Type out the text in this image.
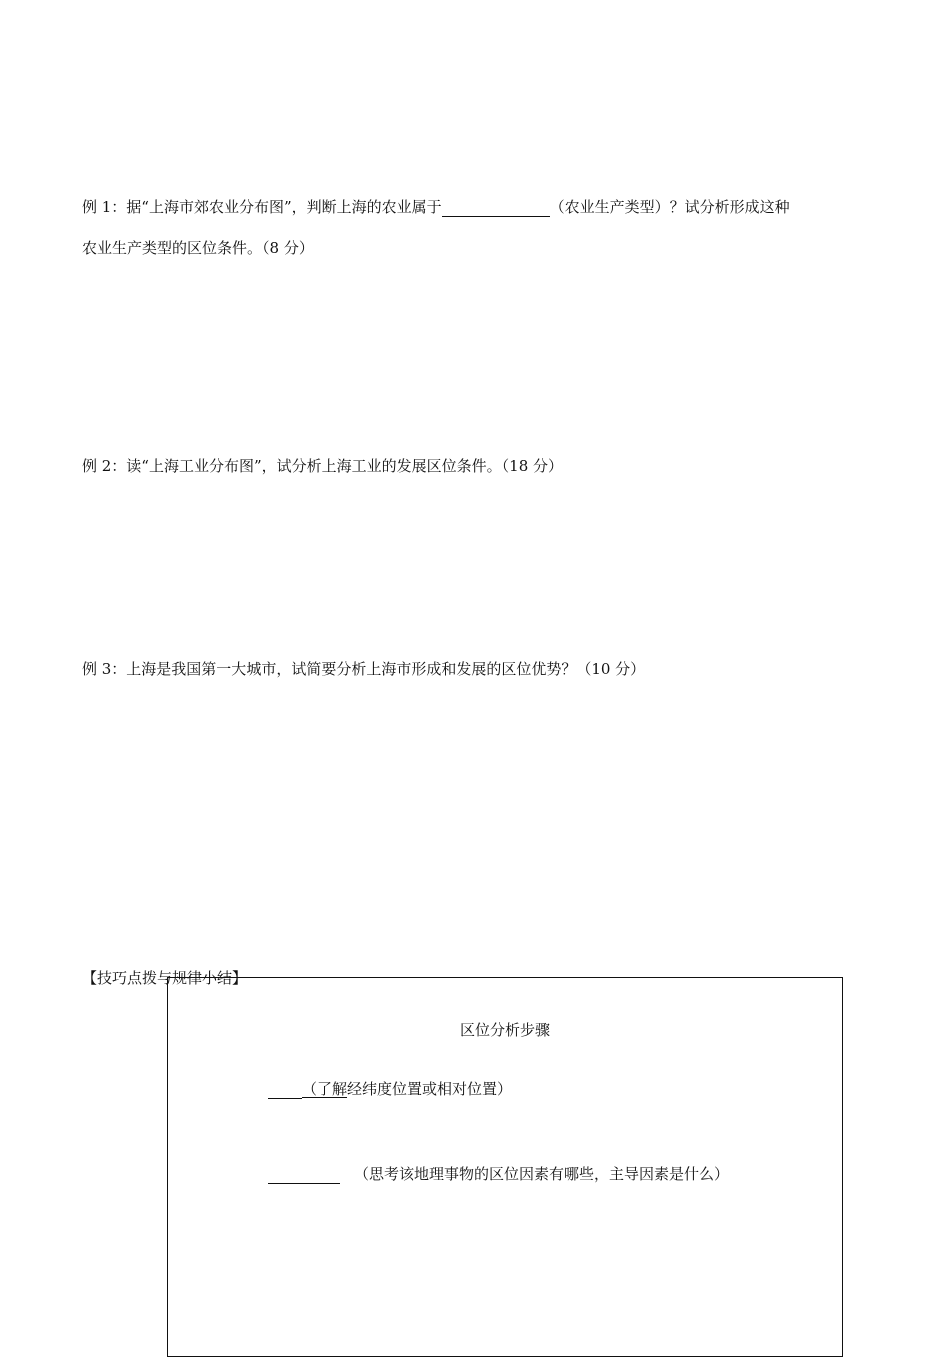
例 1：据“上海市郊农业分布图”，判断上海的农业属于	（农业生产类型）？试分析形成这种
农业生产类型的区位条件。（8 分）
例 2：读“上海工业分布图”，试分析上海工业的发展区位条件。（18 分）
例 3：上海是我国第一大城市，试简要分析上海市形成和发展的区位优势？（10 分）
区位分析步骤
（了解经纬度位置或相对位置）
（思考该地理事物的区位因素有哪些，主导因素是什么）
【技巧点拨与规律小结】
